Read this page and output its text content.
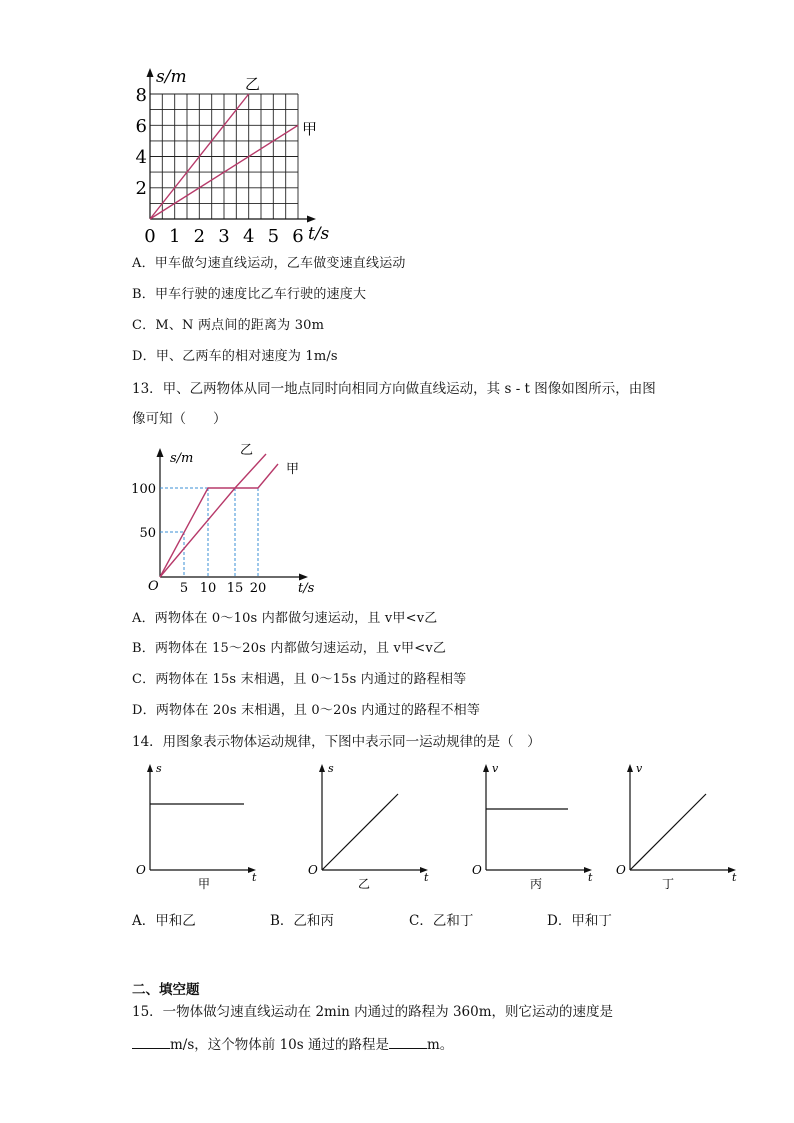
s/m	乙
甲
8
6
4
2
0 1 2 3 4 5 6 t/s
A．甲车做匀速直线运动，乙车做变速直线运动
B．甲车行驶的速度比乙车行驶的速度大
C．M、N 两点间的距离为 30m
D．甲、乙两车的相对速度为 1m/s
13．甲、乙两物体从同一地点同时向相同方向做直线运动，其 s - t 图像如图所示，由图
像可知（　　）
s/m
乙
甲
100
50
O 5 10 15 20 t/s
A．两物体在 0～10s 内都做匀速运动，且 v甲<v乙
B．两物体在 15～20s 内都做匀速运动，且 v甲<v乙
C．两物体在 15s 末相遇，且 0～15s 内通过的路程相等
D．两物体在 20s 末相遇，且 0～20s 内通过的路程不相等
14．用图象表示物体运动规律，下图中表示同一运动规律的是（　）
s
O
t
甲
s
O
t
乙
v
O
t
丙
v
O
t
丁
A．甲和乙	B．乙和丙	C．乙和丁	D．甲和丁
二、填空题
15．一物体做匀速直线运动在 2min 内通过的路程为 360m，则它运动的速度是
m/s，这个物体前 10s 通过的路程是	m。
